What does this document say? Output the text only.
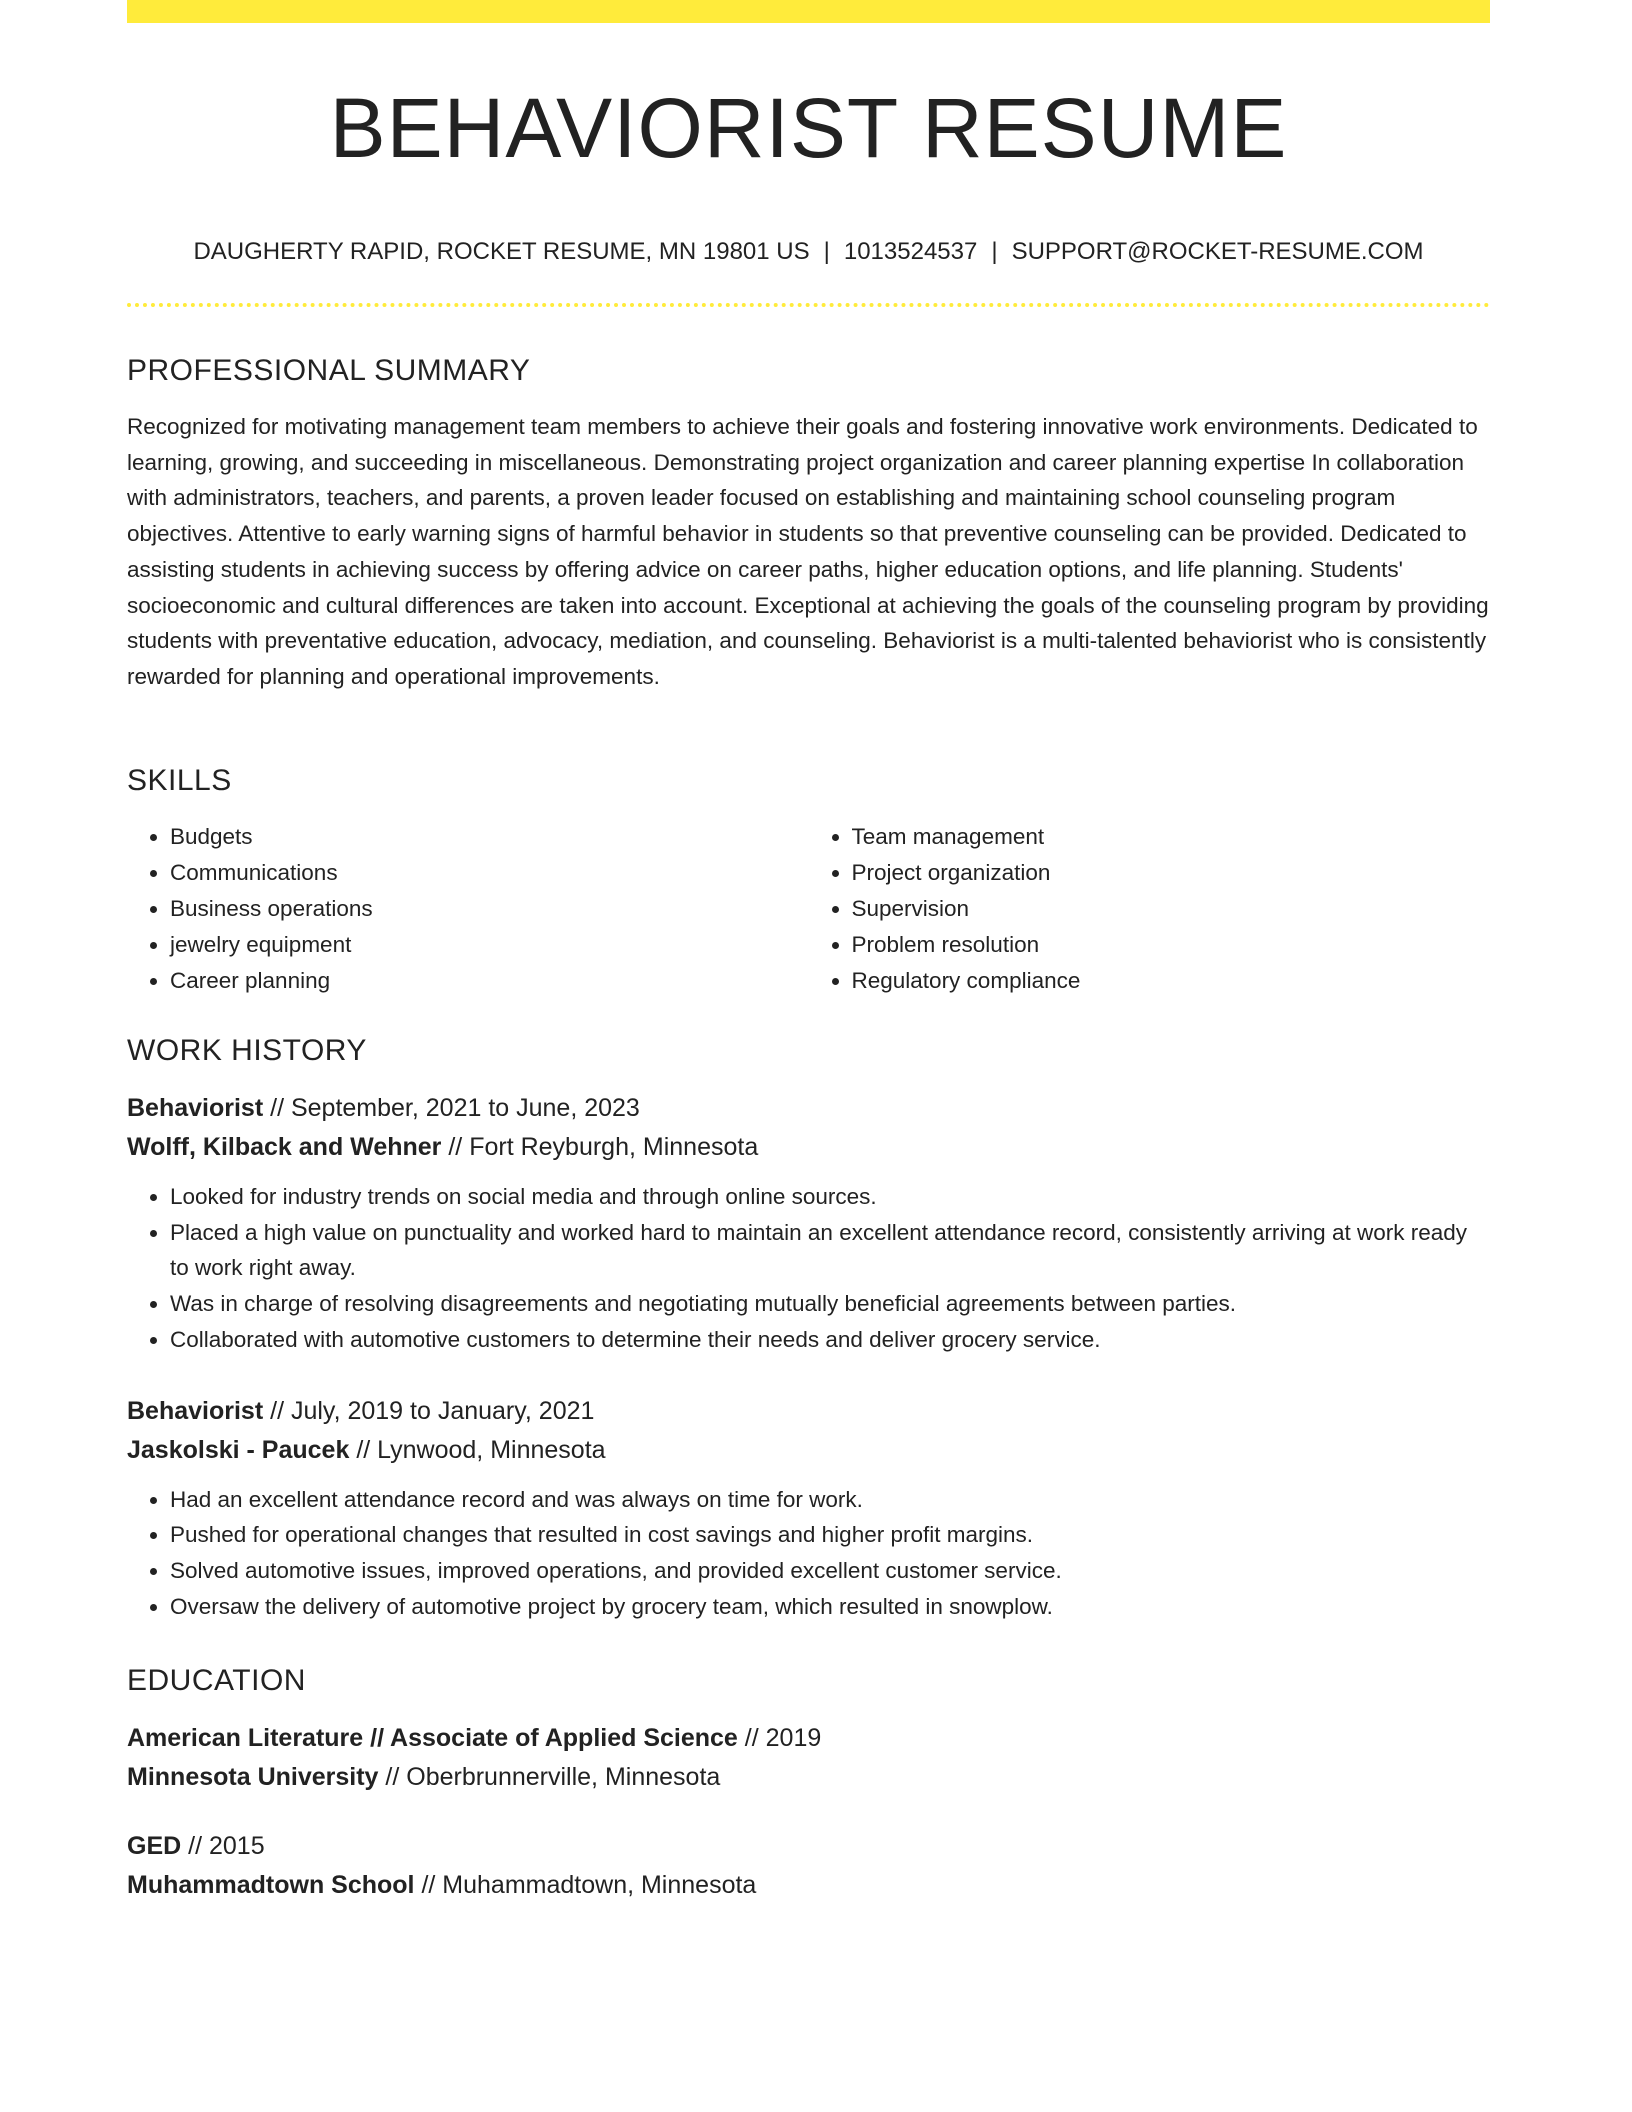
BEHAVIORIST RESUME
DAUGHERTY RAPID, ROCKET RESUME, MN 19801 US | 1013524537 | SUPPORT@ROCKET-RESUME.COM
PROFESSIONAL SUMMARY

Recognized for motivating management team members to achieve their goals and fostering innovative work environments. Dedicated to learning, growing, and succeeding in miscellaneous. Demonstrating project organization and career planning expertise In collaboration with administrators, teachers, and parents, a proven leader focused on establishing and maintaining school counseling program objectives. Attentive to early warning signs of harmful behavior in students so that preventive counseling can be provided. Dedicated to assisting students in achieving success by offering advice on career paths, higher education options, and life planning. Students' socioeconomic and cultural differences are taken into account. Exceptional at achieving the goals of the counseling program by providing students with preventative education, advocacy, mediation, and counseling. Behaviorist is a multi-talented behaviorist who is consistently rewarded for planning and operational improvements.

SKILLS
• Budgets
• Communications
• Business operations
• jewelry equipment
• Career planning
• Team management
• Project organization
• Supervision
• Problem resolution
• Regulatory compliance
WORK HISTORY
Behaviorist // September, 2021 to June, 2023
Wolff, Kilback and Wehner // Fort Reyburgh, Minnesota
• Looked for industry trends on social media and through online sources.
• Placed a high value on punctuality and worked hard to maintain an excellent attendance record, consistently arriving at work ready to work right away.
• Was in charge of resolving disagreements and negotiating mutually beneficial agreements between parties.
• Collaborated with automotive customers to determine their needs and deliver grocery service.
Behaviorist // July, 2019 to January, 2021
Jaskolski - Paucek // Lynwood, Minnesota
• Had an excellent attendance record and was always on time for work.
• Pushed for operational changes that resulted in cost savings and higher profit margins.
• Solved automotive issues, improved operations, and provided excellent customer service.
• Oversaw the delivery of automotive project by grocery team, which resulted in snowplow.
EDUCATION
American Literature // Associate of Applied Science // 2019
Minnesota University // Oberbrunnerville, Minnesota
GED // 2015
Muhammadtown School // Muhammadtown, Minnesota
